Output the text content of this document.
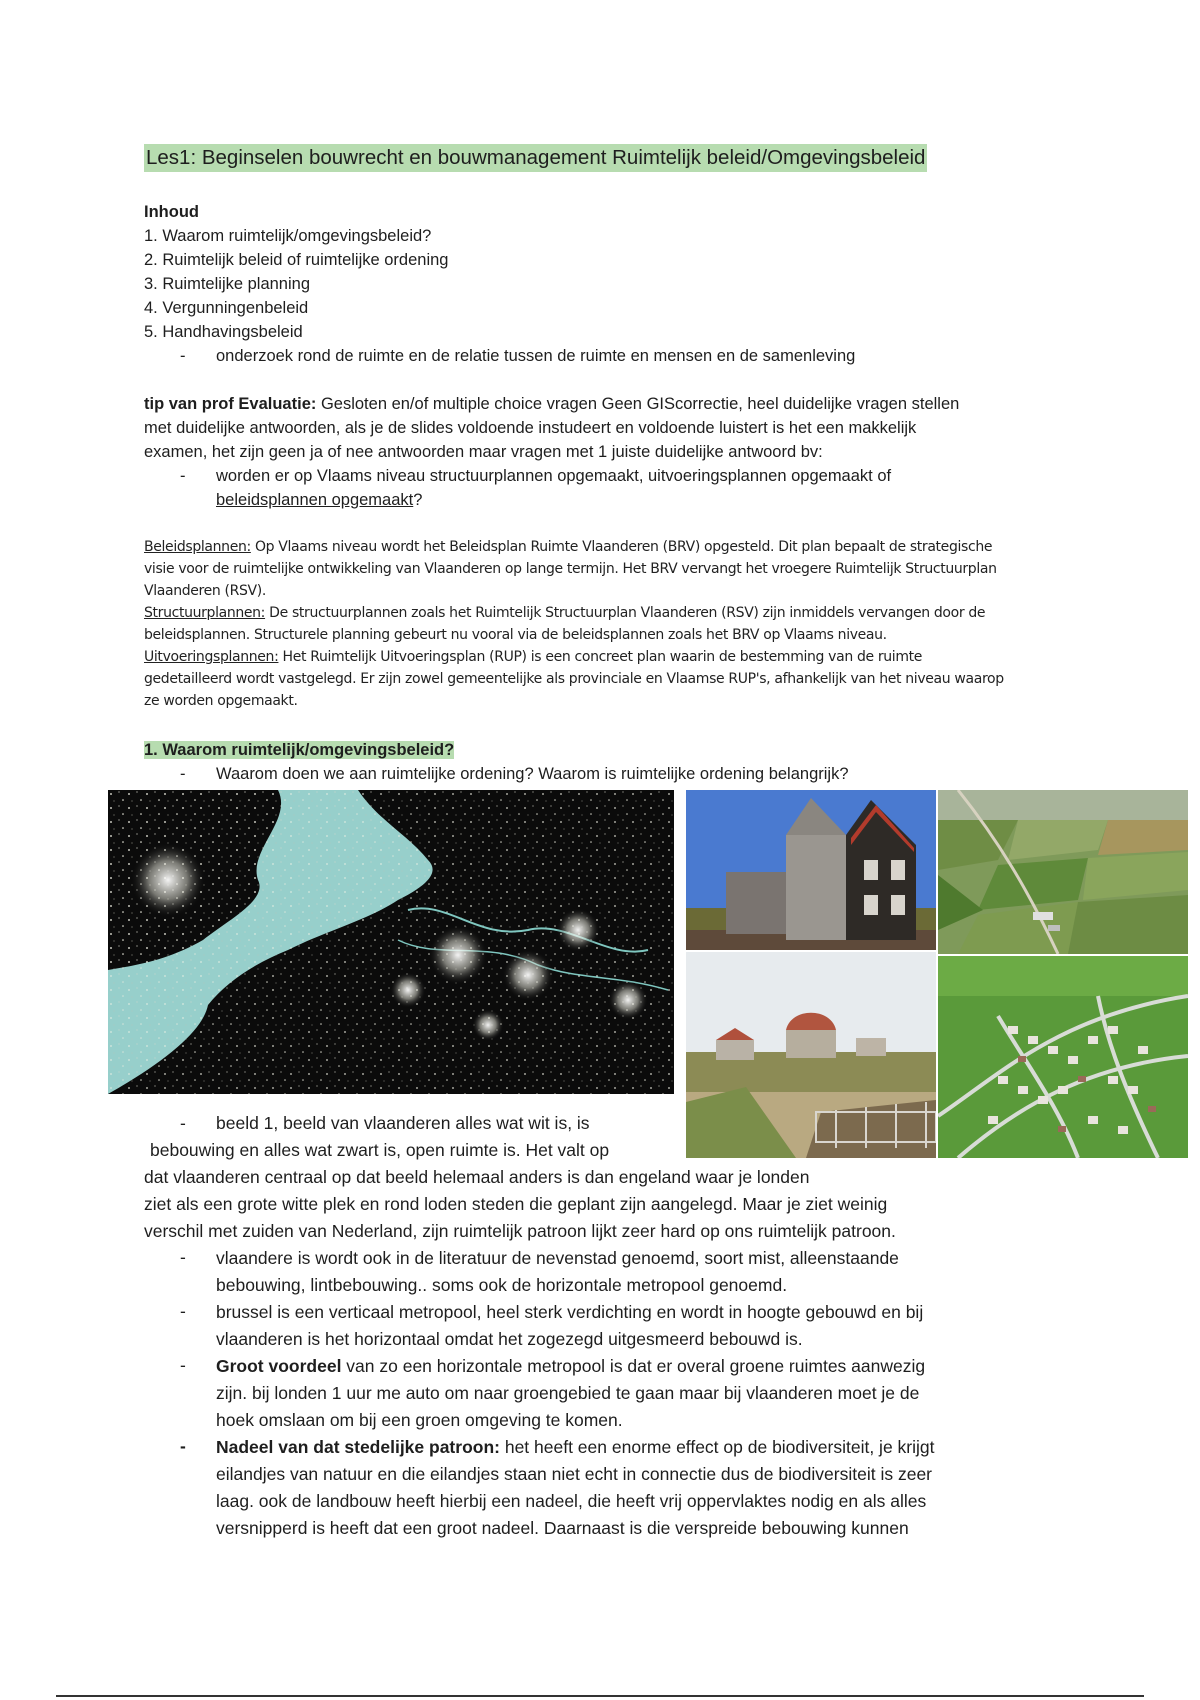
Les1: Beginselen bouwrecht en bouwmanagement Ruimtelijk beleid/Omgevingsbeleid
Inhoud
1. Waarom ruimtelijk/omgevingsbeleid?
2. Ruimtelijk beleid of ruimtelijke ordening
3. Ruimtelijke planning
4. Vergunningenbeleid
5. Handhavingsbeleid
- onderzoek rond de ruimte en de relatie tussen de ruimte en mensen en de samenleving
tip van prof Evaluatie: Gesloten en/of multiple choice vragen Geen GIScorrectie, heel duidelijke vragen stellen
met duidelijke antwoorden, als je de slides voldoende instudeert en voldoende luistert is het een makkelijk
examen, het zijn geen ja of nee antwoorden maar vragen met 1 juiste duidelijke antwoord bv:
- worden er op Vlaams niveau structuurplannen opgemaakt, uitvoeringsplannen opgemaakt of
beleidsplannen opgemaakt?
Beleidsplannen: Op Vlaams niveau wordt het Beleidsplan Ruimte Vlaanderen (BRV) opgesteld. Dit plan bepaalt de strategische
visie voor de ruimtelijke ontwikkeling van Vlaanderen op lange termijn. Het BRV vervangt het vroegere Ruimtelijk Structuurplan
Vlaanderen (RSV).
Structuurplannen: De structuurplannen zoals het Ruimtelijk Structuurplan Vlaanderen (RSV) zijn inmiddels vervangen door de
beleidsplannen. Structurele planning gebeurt nu vooral via de beleidsplannen zoals het BRV op Vlaams niveau.
Uitvoeringsplannen: Het Ruimtelijk Uitvoeringsplan (RUP) is een concreet plan waarin de bestemming van de ruimte
gedetailleerd wordt vastgelegd. Er zijn zowel gemeentelijke als provinciale en Vlaamse RUP's, afhankelijk van het niveau waarop
ze worden opgemaakt.
1. Waarom ruimtelijk/omgevingsbeleid?
- Waarom doen we aan ruimtelijke ordening? Waarom is ruimtelijke ordening belangrijk?
- beeld 1, beeld van vlaanderen alles wat wit is, is
bebouwing en alles wat zwart is, open ruimte is. Het valt op
dat vlaanderen centraal op dat beeld helemaal anders is dan engeland waar je londen
ziet als een grote witte plek en rond loden steden die geplant zijn aangelegd. Maar je ziet weinig
verschil met zuiden van Nederland, zijn ruimtelijk patroon lijkt zeer hard op ons ruimtelijk patroon.
- vlaandere is wordt ook in de literatuur de nevenstad genoemd, soort mist, alleenstaande
bebouwing, lintbebouwing.. soms ook de horizontale metropool genoemd.
- brussel is een verticaal metropool, heel sterk verdichting en wordt in hoogte gebouwd en bij
vlaanderen is het horizontaal omdat het zogezegd uitgesmeerd bebouwd is.
- Groot voordeel van zo een horizontale metropool is dat er overal groene ruimtes aanwezig
zijn. bij londen 1 uur me auto om naar groengebied te gaan maar bij vlaanderen moet je de
hoek omslaan om bij een groen omgeving te komen.
- Nadeel van dat stedelijke patroon: het heeft een enorme effect op de biodiversiteit, je krijgt
eilandjes van natuur en die eilandjes staan niet echt in connectie dus de biodiversiteit is zeer
laag. ook de landbouw heeft hierbij een nadeel, die heeft vrij oppervlaktes nodig en als alles
versnipperd is heeft dat een groot nadeel. Daarnaast is die verspreide bebouwing kunnen
